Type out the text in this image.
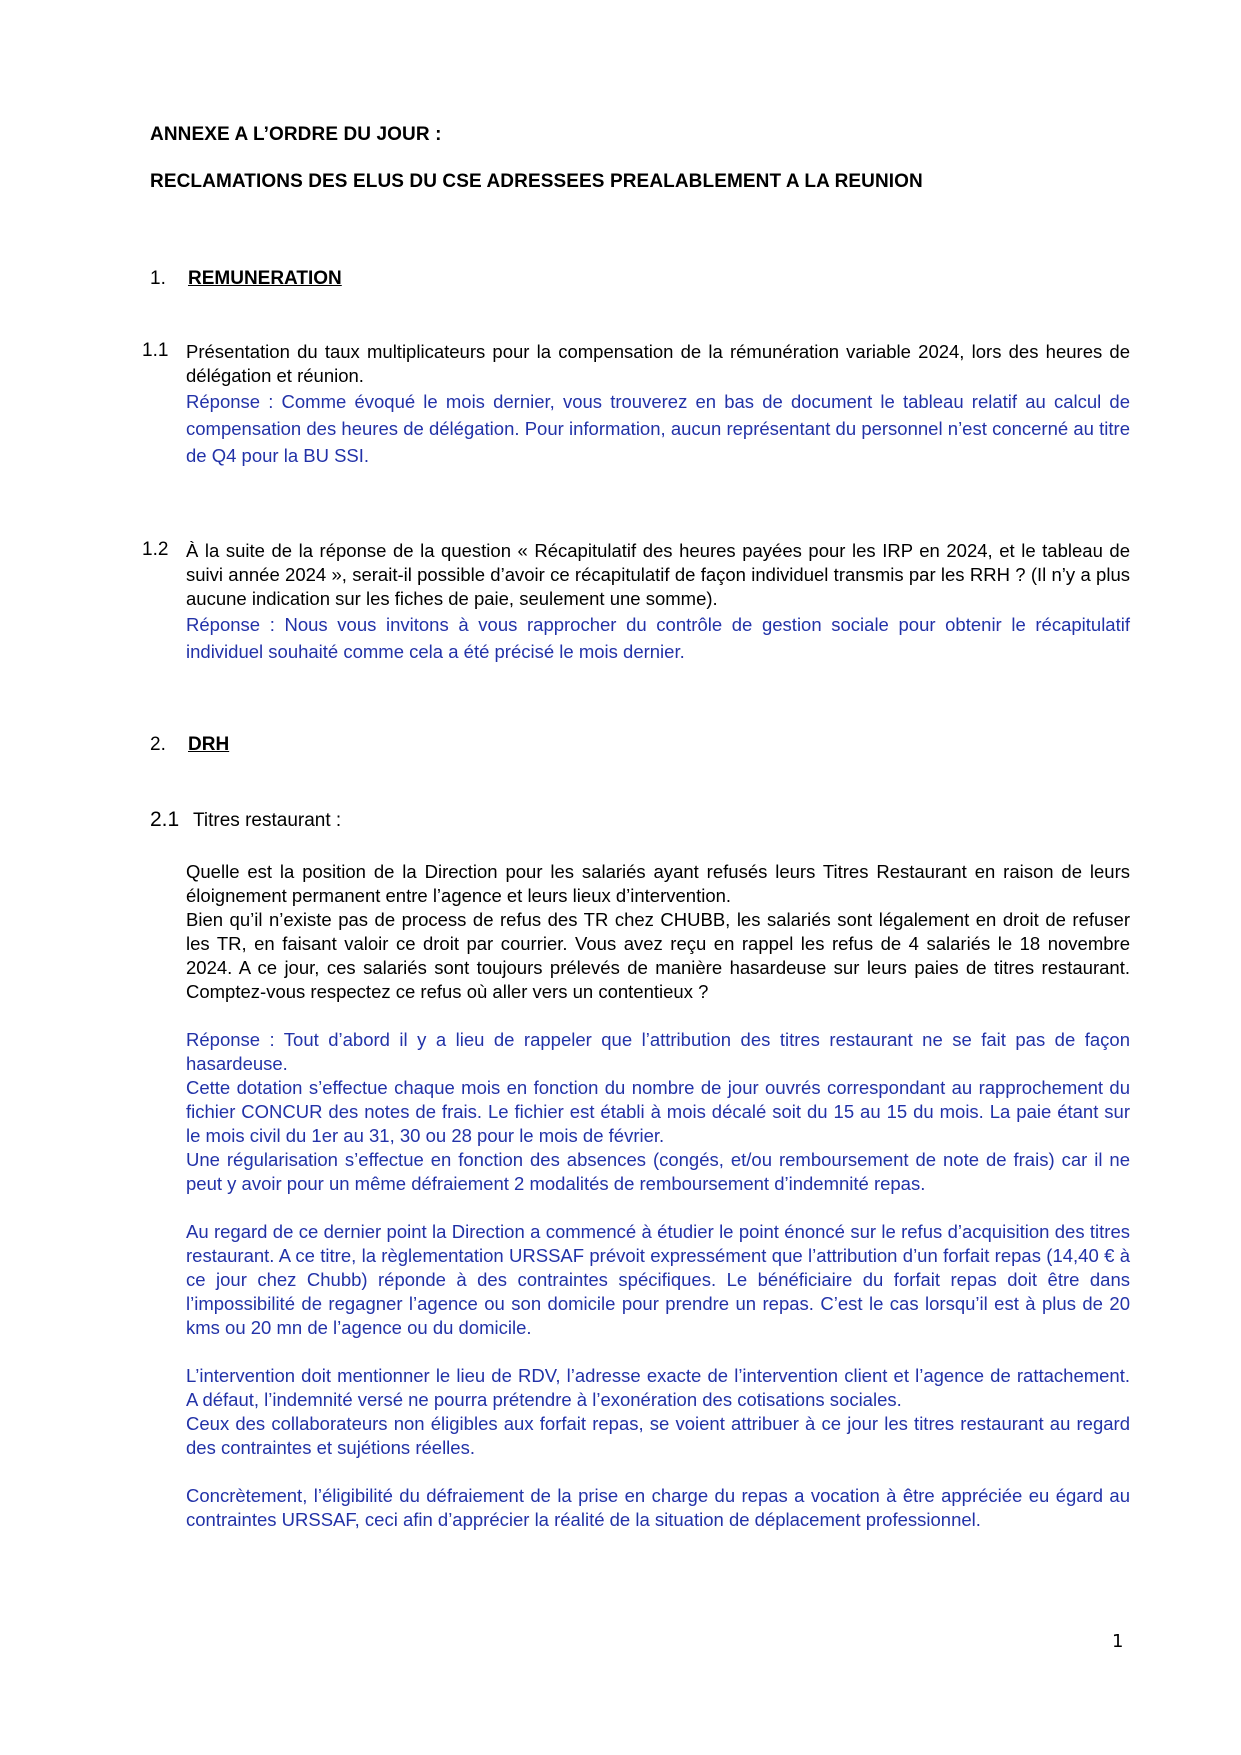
ANNEXE A L’ORDRE DU JOUR :
RECLAMATIONS DES ELUS DU CSE ADRESSEES PREALABLEMENT A LA REUNION
1. REMUNERATION
1.1 Présentation du taux multiplicateurs pour la compensation de la rémunération variable 2024, lors des heures de délégation et réunion.

Réponse : Comme évoqué le mois dernier, vous trouverez en bas de document le tableau relatif au calcul de compensation des heures de délégation. Pour information, aucun représentant du personnel n’est concerné au titre de Q4 pour la BU SSI.

1.2 À la suite de la réponse de la question « Récapitulatif des heures payées pour les IRP en 2024, et le tableau de suivi année 2024 », serait-il possible d’avoir ce récapitulatif de façon individuel transmis par les RRH ? (Il n’y a plus aucune indication sur les fiches de paie, seulement une somme).

Réponse : Nous vous invitons à vous rapprocher du contrôle de gestion sociale pour obtenir le récapitulatif individuel souhaité comme cela a été précisé le mois dernier.

2. DRH
2.1 Titres restaurant :

Quelle est la position de la Direction pour les salariés ayant refusés leurs Titres Restaurant en raison de leurs éloignement permanent entre l’agence et leurs lieux d’intervention.

Bien qu’il n’existe pas de process de refus des TR chez CHUBB, les salariés sont légalement en droit de refuser les TR, en faisant valoir ce droit par courrier. Vous avez reçu en rappel les refus de 4 salariés le 18 novembre 2024. A ce jour, ces salariés sont toujours prélevés de manière hasardeuse sur leurs paies de titres restaurant. Comptez-vous respectez ce refus où aller vers un contentieux ?

Réponse : Tout d’abord il y a lieu de rappeler que l’attribution des titres restaurant ne se fait pas de façon hasardeuse.

Cette dotation s’effectue chaque mois en fonction du nombre de jour ouvrés correspondant au rapprochement du fichier CONCUR des notes de frais. Le fichier est établi à mois décalé soit du 15 au 15 du mois. La paie étant sur le mois civil du 1er au 31, 30 ou 28 pour le mois de février.

Une régularisation s’effectue en fonction des absences (congés, et/ou remboursement de note de frais) car il ne peut y avoir pour un même défraiement 2 modalités de remboursement d’indemnité repas.

Au regard de ce dernier point la Direction a commencé à étudier le point énoncé sur le refus d’acquisition des titres restaurant. A ce titre, la règlementation URSSAF prévoit expressément que l’attribution d’un forfait repas (14,40 € à ce jour chez Chubb) réponde à des contraintes spécifiques. Le bénéficiaire du forfait repas doit être dans l’impossibilité de regagner l’agence ou son domicile pour prendre un repas. C’est le cas lorsqu’il est à plus de 20 kms ou 20 mn de l’agence ou du domicile.

L’intervention doit mentionner le lieu de RDV, l’adresse exacte de l’intervention client et l’agence de rattachement. A défaut, l’indemnité versé ne pourra prétendre à l’exonération des cotisations sociales.

Ceux des collaborateurs non éligibles aux forfait repas, se voient attribuer à ce jour les titres restaurant au regard des contraintes et sujétions réelles.

Concrètement, l’éligibilité du défraiement de la prise en charge du repas a vocation à être appréciée eu égard au contraintes URSSAF, ceci afin d’apprécier la réalité de la situation de déplacement professionnel.

1
